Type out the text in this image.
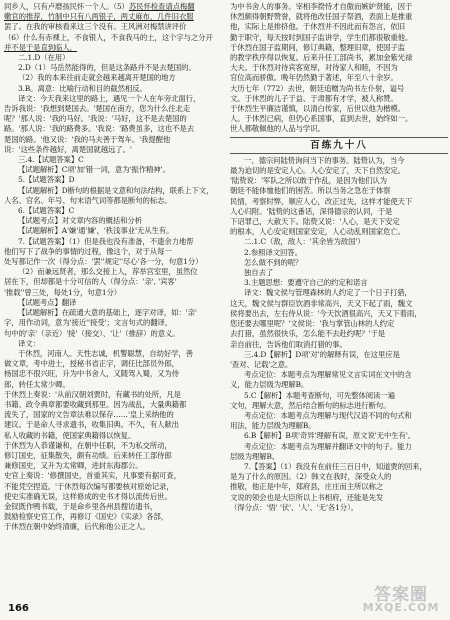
同乡人，只有卢磨孩民怀一个人。（5）苏民怀检查请点梅翻

嫩官的推荐，竹制中只有八两银子，两丈麻布，几件旧衣服

罢了。在我的审核看来这三个没有。王风洲对梅禁讲评价

（6）什么有赤裸上，不食银人，不食我马的土，这个字与之分开

并不是于是直到临人，

二.1.D（在用）

2.D（1）马岳然能得的，但是这条路并不是去楚国的。

（2）我的本来往前走就会越来越离开楚国的地方

3.B。离意：比喻行动和目的截然相反。

译文：今天我来这里的路上，遇见一个人在车旁北面行，

告诉我说：'我想到楚国去。'楚国在南方，您为什么往北走

呢？'那人说：'我的马好。'我说：'马好，这不是去楚国的

路。'那人说：'我的路费多。'我说：'路费虽多，这也不是去

楚国的路。'他又说：'我的马夫善于驾车。'我提醒他

说：'这些条件越好，离楚国就越远了。'

三.4.【试题答案】C

【试题解析】C项'加'错一词，意为'振作精神'。

5.【试题答案】D

【试题解析】D断句的根据是文意和句法结构，联系上下文，

人名、官名、年号、句末语气词等都是断句的标志。

6.【试题答案】C

【试题考点】对文章内容的概括和分析

【试题解析】A'嫌'通'嫌'，'秩浅事业'无从生有。

7.【试题答案】（1）但是我也没有准备，不遗余力地帮

他们写下了战争的事情的过程，像这个，对于从每一

处写都记作一次（得分点：'罢''规定''尽心'各一分，句意1分）

（2）而兼远贤者，那么交接上人，荐举宫室里，虽然位

居在下，但却都是十分可信的人（得分点：'亲', '宾客'

'推载''曾三处，每处1分，句意1分）

【试题考点】翻译

【试题解析】在疏通大意的基础上，逐字对译，如：'亲'

字，用作动词，意为'接近''接受'；文言句式的翻译，

句中的'亲'（亲近）'接'（接交）、'让'（推辞）的意义。

译文：

于休烈，河南人。天性志诚，机警聪慧，自幼好学，善

做文章，考中进士，授秘书省正字，调任比部员外郎，

杨国忠不很兴旺，升为中书舍人，又随驾入蜀，又为侍

郎，转任太常少卿。

于休烈上奏说：'从前汉朝刘贾时，有藏书的处所，凡是

书籍、政令典章都要收藏到那里。因为战乱，大量典籍都

流失了，国家的文告章法难以保存……'皇上采纳他的

建议。于是命人寻求遗书，收集旧典。不久，有人献出

私人收藏的书籍，使国家典籍得以恢复。

于休烈为人恭谨谦和，在朝中任职，不为私交所动，

修订国史，征集散失，颇有功绩。后来转任工部侍郎

兼修国史，又升为太常卿，进封东海郡公。

史官上奏说：'修撰国史，首重其实，凡事要有据可查，

不能凭空捏造。'于休烈每次编写都要核对原始记录，

使史实准确无误，这样修成的史书才得以流传后世。

金钗既作鸭书载，于是命乡里各州县搜访遗书，

鼓励检察史官工作，再修订《国史》《实录》各部，

于休烈在朝中始终清廉，后代称他公正之人。

为中书舍人的事务。宰相李揆恃才自傲而嫉妒贤能，因于

休烈颇得朝野赞誉，就将他改任国子祭酒，表面上是推重

他，实际上是排挤他。于休烈并不因此而有怨言，依旧

勤于职守，每天按时到国子监讲学，学生们都很敬重他。

于休烈在国子监期间，修订典籍，整理旧章，使国子监

的教学秩序得以恢复。后来升任工部尚书，累加金紫光禄

大夫。于休烈对待宾客宽厚，对待家人和睦，不因为

官位高而骄傲。晚年仍然勤于著述，年至八十余岁。

大历七年（772）去世，朝廷追赠为尚书左仆射，谥号

文。于休烈的儿子于益、于肃都有才学，被人称赞。

于休烈生平廉洁谨慎，以清白传家，后世以他为楷模。

人。于休烈已病，但仍心系国事，直到去世，始终如一。

世人都敬佩他的人品与学识。

百练九十八

一、德宗问陆贽询问当下的事务。陆贽认为，当今

最为迫切的是安定人心。人心安定了，天下自然安定。

'陆贽说：'军队之所以敢于作乱，是因为他们认为

朝廷不能体恤他们的困苦。所以当务之急在于体察

民情，考察时弊，顺应人心，改正过失，这样才能使天下

人心归附。'陆贽的这番话，深得德宗的认同，于是

下诏罪己，大赦天下。陆贽又说：'人心，是天下安定

的根本，人心安定则国家安定，人心动乱则国家危亡。

二.1.C（敌，敌人：'其余皆为敌国'）

2.参照译文回答。

怎么做不到的呢？

独自去了

3.主题思想：要遵守自己的约定和诺言

译文：魏文侯与管理森林的人约定了一个日子打猎，

这天，魏文侯与群臣饮酒非常高兴，天又下起了雨，魏文

侯将要出去，左右侍从说：'今天饮酒很高兴，天又下着雨，

您还要去哪里呢？'文侯说：'我与掌管山林的人约定

去打猎，虽然很快乐，怎么能不去赴约呢？'于是

亲自前往，告诉他们取消打猎的事。

三.4.D【解析】D项'对'的解释有误，在这里应是

'查对、记载'之意。

考点定位：本题考点为理解常见文言实词在文中的含

义，能力层级为理解B。

5.C【解析】本题考查断句，可先整体阅读一遍

文句，理解大意，然后结合断句的标志进行断句。

考点定位：本题考点为理解与现代汉语不同的句式和

用法，能力层级为理解B。

6.B【解析】B项'奇异'理解有误，原文说'无中生有'。

考点定位：本题考点为理解并翻译文中的句子。能力

层级为理解B。

7.【答案】（1）我没有在前任三百日中，知道贾的回来，

是为了什么的原因。（2）韩文在我时，深受众人的

推敬，他正是中年，郑府县，庄庄而主所以称之

文说的领会也是大臣所以上书相府，还能是先发

（得分点：'悟' '伏'、'人'、'无'各1分）。

166
答案圈
MXQE.COM
